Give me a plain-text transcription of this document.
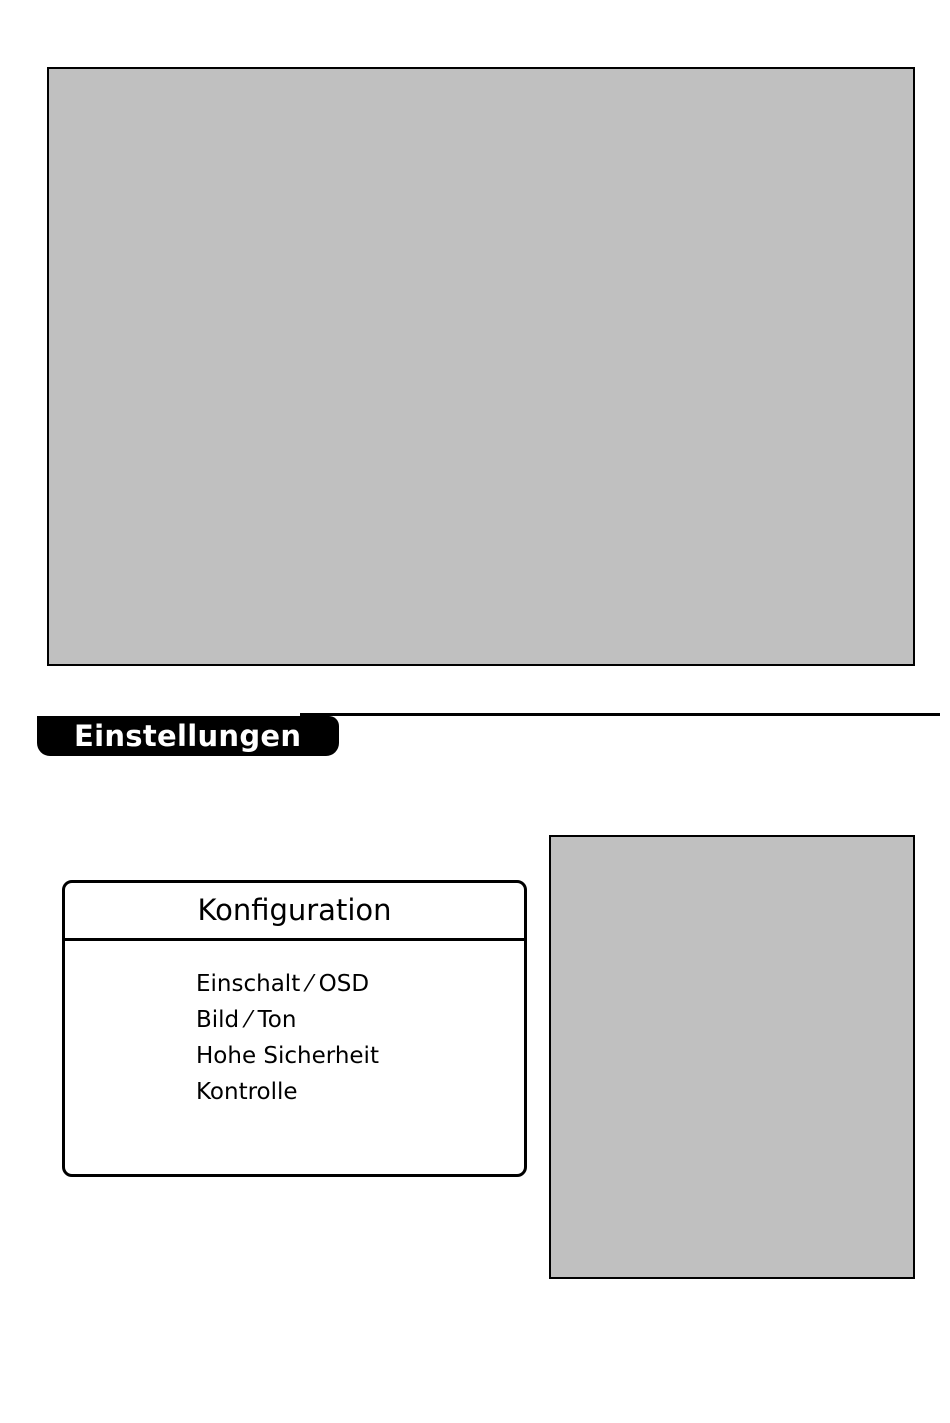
Einstellungen
Konfiguration
Einschalt ⁄ OSD
Bild ⁄ Ton
Hohe Sicherheit
Kontrolle
